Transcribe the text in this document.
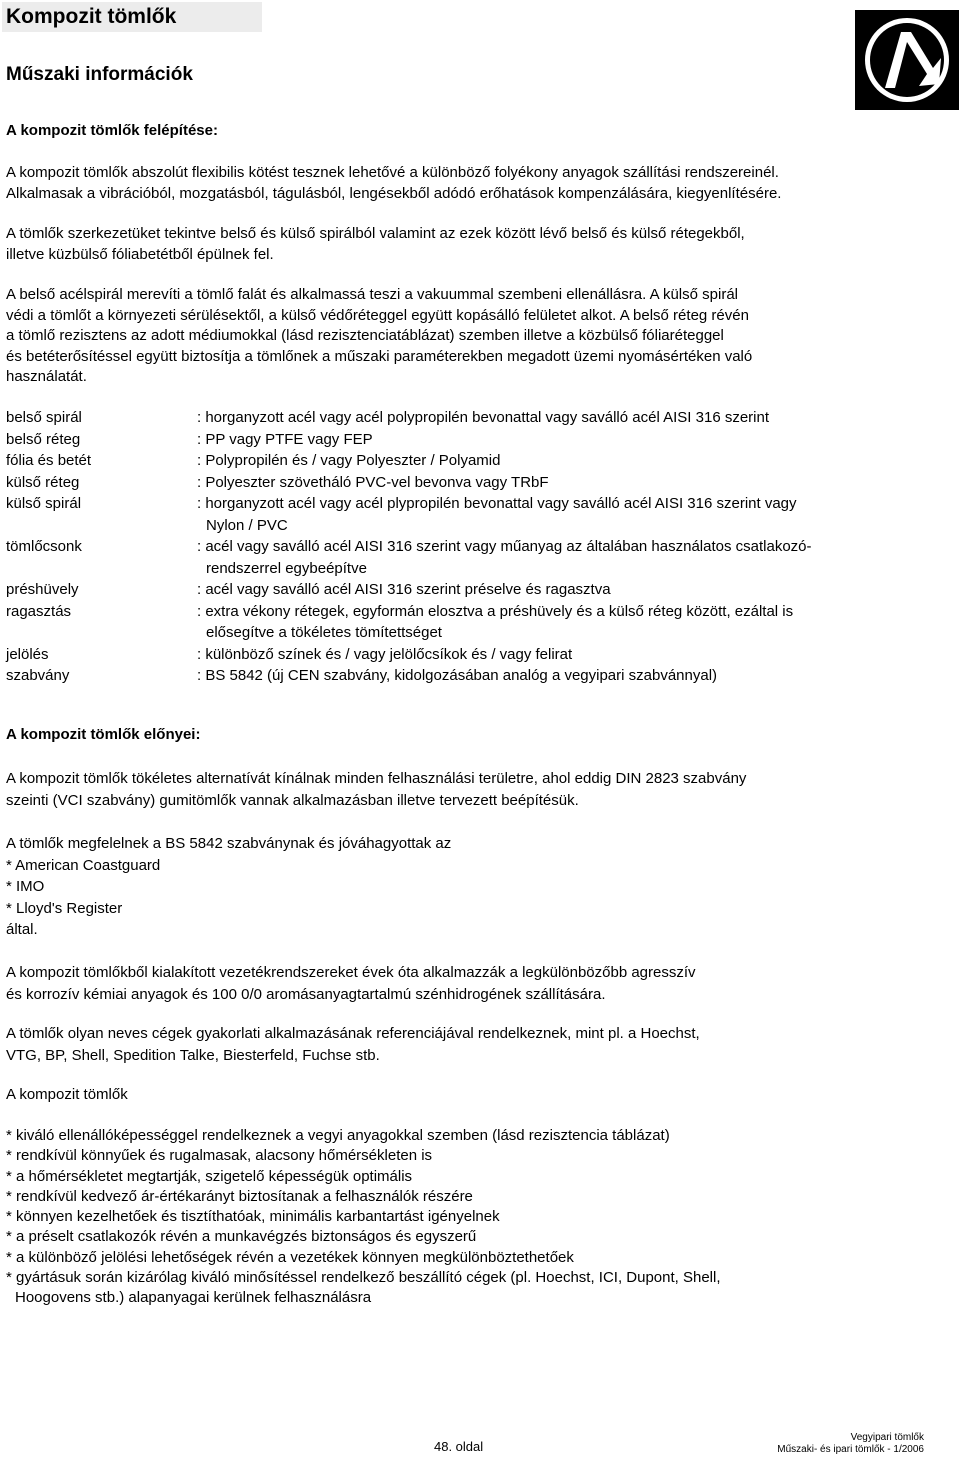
Kompozit tömlők
Műszaki információk
A kompozit tömlők felépítése:
A kompozit tömlők abszolút flexibilis kötést tesznek lehetővé a különböző folyékony anyagok szállítási rendszereinél.
Alkalmasak a vibrációból, mozgatásból, tágulásból, lengésekből adódó erőhatások kompenzálására, kiegyenlítésére.
A tömlők szerkezetüket tekintve belső és külső spirálból valamint az ezek között lévő belső és külső rétegekből,
illetve küzbülső fóliabetétből épülnek fel.
A belső acélspirál merevíti a tömlő falát és alkalmassá teszi a vakuummal szembeni ellenállásra. A külső spirál
védi a tömlőt a környezeti sérülésektől, a külső védőréteggel együtt kopásálló felületet alkot. A belső réteg révén
a tömlő rezisztens az adott médiumokkal (lásd rezisztenciatáblázat) szemben illetve a közbülső fóliaréteggel
és betéterősítéssel együtt biztosítja a tömlőnek a műszaki paraméterekben megadott üzemi nyomásértéken való
használatát.
belső spirál	: horganyzott acél vagy acél polypropilén bevonattal vagy saválló acél AISI 316 szerint
belső réteg	: PP vagy PTFE vagy FEP
fólia és betét	: Polypropilén és / vagy Polyeszter / Polyamid
külső réteg	: Polyeszter szövetháló PVC-vel bevonva vagy TRbF
külső spirál	: horganyzott acél vagy acél plypropilén bevonattal vagy saválló acél AISI 316 szerint vagy
Nylon / PVC
tömlőcsonk	: acél vagy saválló acél AISI 316 szerint vagy műanyag az általában használatos csatlakozó-
rendszerrel egybeépítve
préshüvely	: acél vagy saválló acél AISI 316 szerint préselve és ragasztva
ragasztás	: extra vékony rétegek, egyformán elosztva a préshüvely és a külső réteg között, ezáltal is
elősegítve a tökéletes tömítettséget
jelölés	: különböző színek és / vagy jelölőcsíkok és / vagy felirat
szabvány	: BS 5842 (új CEN szabvány, kidolgozásában analóg a vegyipari szabvánnyal)
A kompozit tömlők előnyei:
A kompozit tömlők tökéletes alternatívát kínálnak minden felhasználási területre, ahol eddig DIN 2823 szabvány
szeinti (VCI szabvány) gumitömlők vannak alkalmazásban illetve tervezett beépítésük.
A tömlők megfelelnek a BS 5842 szabványnak és jóváhagyottak az
* American Coastguard
* IMO
* Lloyd's Register
által.
A kompozit tömlőkből kialakított vezetékrendszereket évek óta alkalmazzák a legkülönbözőbb agresszív
és korrozív kémiai anyagok és 100 0/0 aromásanyagtartalmú szénhidrogének szállítására.
A tömlők olyan neves cégek gyakorlati alkalmazásának referenciájával rendelkeznek, mint pl. a Hoechst,
VTG, BP, Shell, Spedition Talke, Biesterfeld, Fuchse stb.
A kompozit tömlők
* kiváló ellenállóképességgel rendelkeznek a vegyi anyagokkal szemben (lásd rezisztencia táblázat)
* rendkívül könnyűek és rugalmasak, alacsony hőmérsékleten is
* a hőmérsékletet megtartják, szigetelő képességük optimális
* rendkívül kedvező ár-értékarányt biztosítanak a felhasználók részére
* könnyen kezelhetőek és tisztíthatóak, minimális karbantartást igényelnek
* a préselt csatlakozók révén a munkavégzés biztonságos és egyszerű
* a különböző jelölési lehetőségek révén a vezetékek könnyen megkülönböztethetőek
* gyártásuk során kizárólag kiváló minősítéssel rendelkező beszállító cégek (pl. Hoechst, ICI, Dupont, Shell,
Hoogovens stb.) alapanyagai kerülnek felhasználásra
48. oldal
Vegyipari tömlők
Műszaki- és ipari tömlők - 1/2006
